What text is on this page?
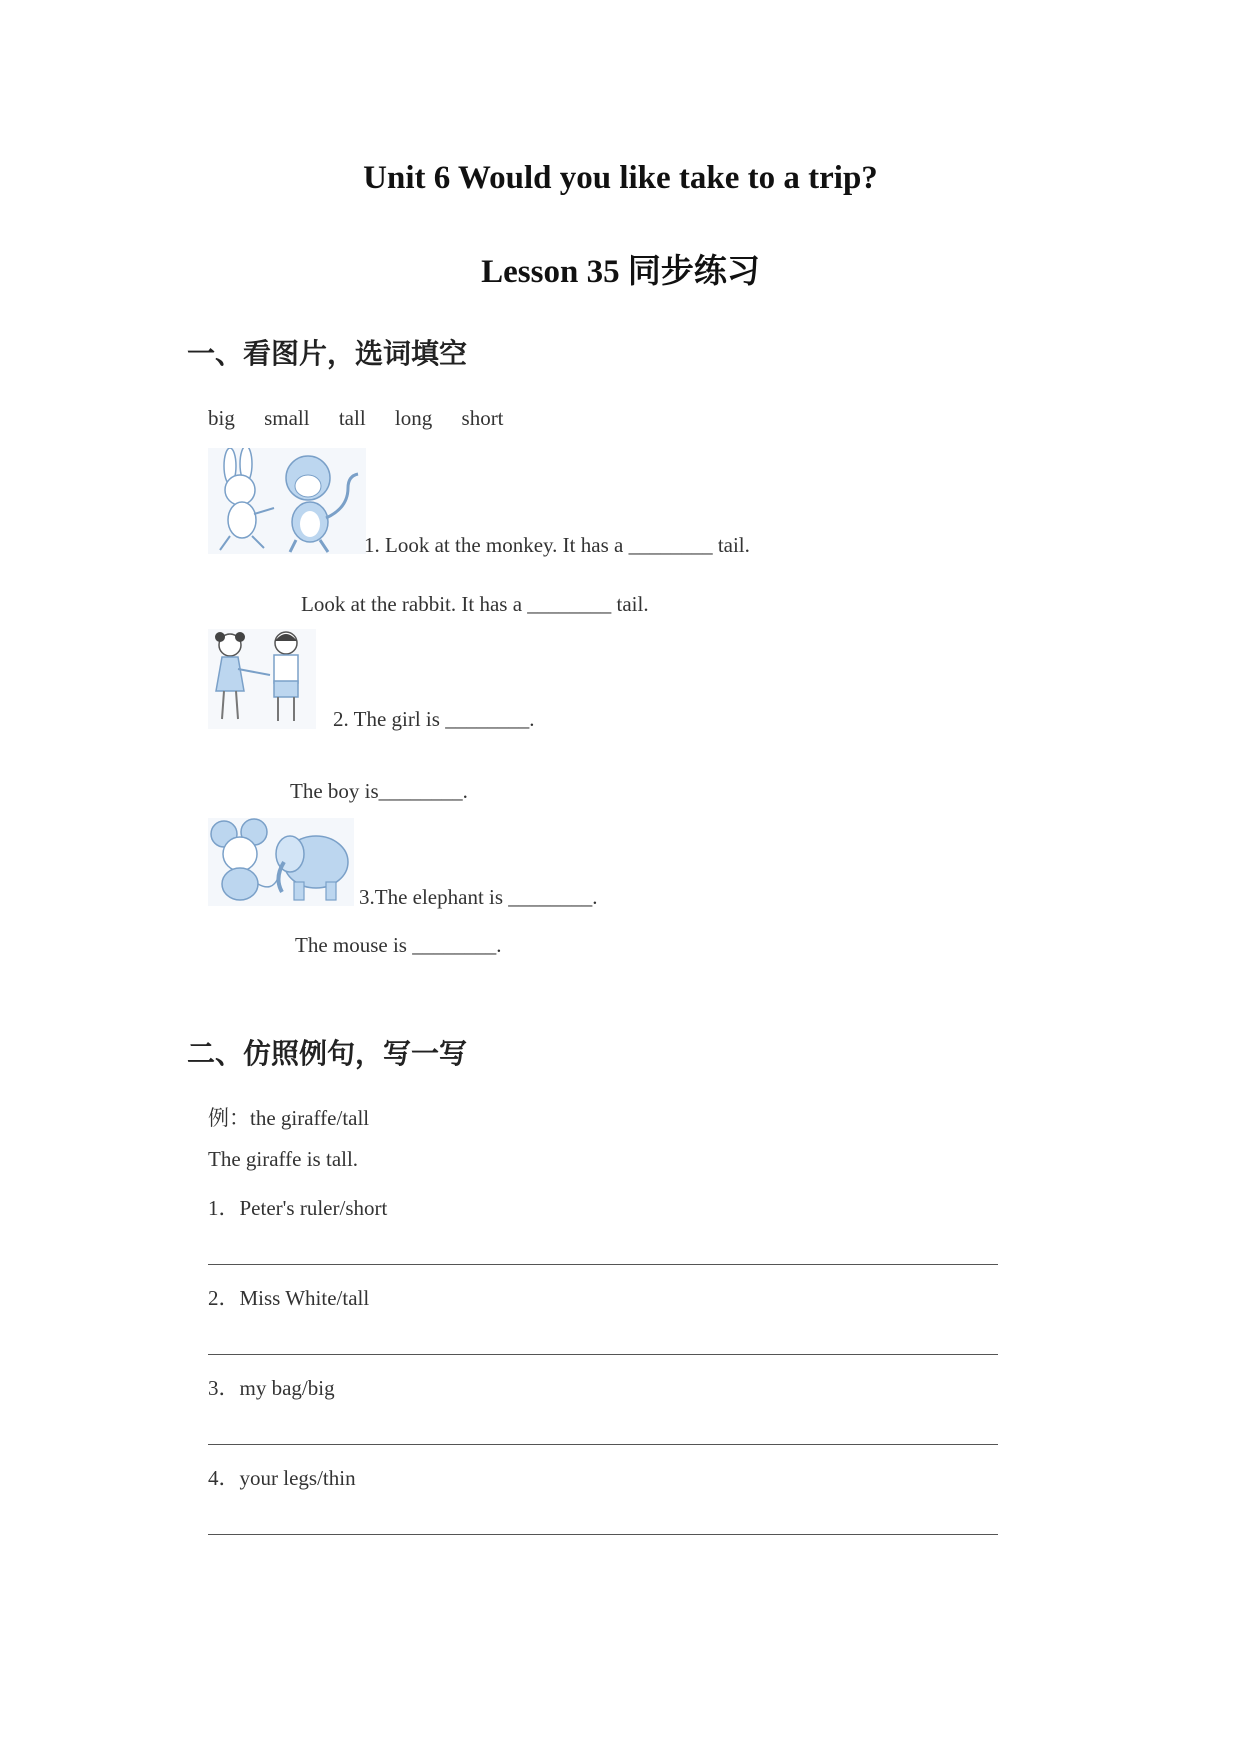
Unit 6 Would you like take to a trip?
Lesson 35 同步练习
一、看图片，选词填空
big small tall long short
1. Look at the monkey. It has a ________ tail.
Look at the rabbit. It has a ________ tail.
2. The girl is ________.
The boy is________.
3.The elephant is ________.
The mouse is ________.
二、仿照例句，写一写
例：the giraffe/tall
The giraffe is tall.
1．Peter's ruler/short
2．Miss White/tall
3．my bag/big
4．your legs/thin
